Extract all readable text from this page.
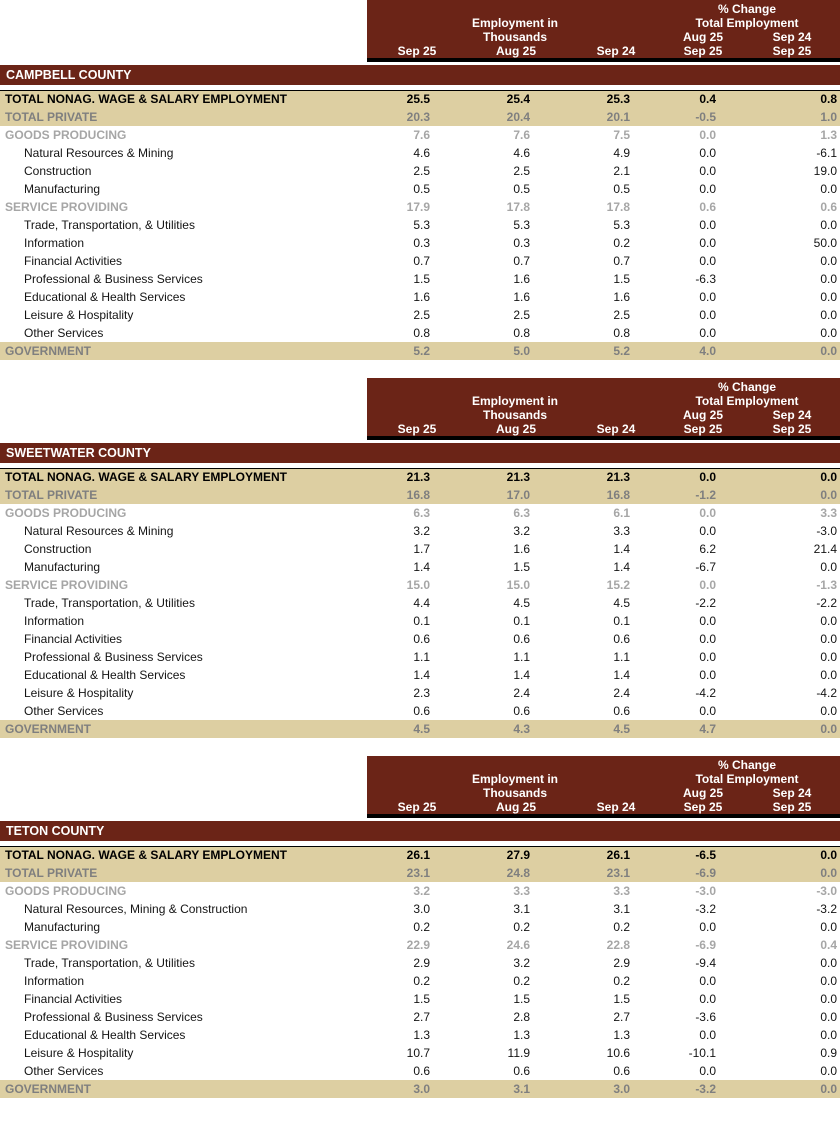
% Change
Employment in	Total Employment
Thousands	Aug 25	Sep 24
Sep 25	Aug 25	Sep 24	Sep 25	Sep 25
CAMPBELL COUNTY
TOTAL NONAG. WAGE & SALARY EMPLOYMENT	25.5	25.4	25.3	0.4	0.8
TOTAL PRIVATE	20.3	20.4	20.1	-0.5	1.0
GOODS PRODUCING	7.6	7.6	7.5	0.0	1.3
Natural Resources & Mining	4.6	4.6	4.9	0.0	-6.1
Construction	2.5	2.5	2.1	0.0	19.0
Manufacturing	0.5	0.5	0.5	0.0	0.0
SERVICE PROVIDING	17.9	17.8	17.8	0.6	0.6
Trade, Transportation, & Utilities	5.3	5.3	5.3	0.0	0.0
Information	0.3	0.3	0.2	0.0	50.0
Financial Activities	0.7	0.7	0.7	0.0	0.0
Professional & Business Services	1.5	1.6	1.5	-6.3	0.0
Educational & Health Services	1.6	1.6	1.6	0.0	0.0
Leisure & Hospitality	2.5	2.5	2.5	0.0	0.0
Other Services	0.8	0.8	0.8	0.0	0.0
GOVERNMENT	5.2	5.0	5.2	4.0	0.0
% Change
Employment in	Total Employment
Thousands	Aug 25	Sep 24
Sep 25	Aug 25	Sep 24	Sep 25	Sep 25
SWEETWATER COUNTY
TOTAL NONAG. WAGE & SALARY EMPLOYMENT	21.3	21.3	21.3	0.0	0.0
TOTAL PRIVATE	16.8	17.0	16.8	-1.2	0.0
GOODS PRODUCING	6.3	6.3	6.1	0.0	3.3
Natural Resources & Mining	3.2	3.2	3.3	0.0	-3.0
Construction	1.7	1.6	1.4	6.2	21.4
Manufacturing	1.4	1.5	1.4	-6.7	0.0
SERVICE PROVIDING	15.0	15.0	15.2	0.0	-1.3
Trade, Transportation, & Utilities	4.4	4.5	4.5	-2.2	-2.2
Information	0.1	0.1	0.1	0.0	0.0
Financial Activities	0.6	0.6	0.6	0.0	0.0
Professional & Business Services	1.1	1.1	1.1	0.0	0.0
Educational & Health Services	1.4	1.4	1.4	0.0	0.0
Leisure & Hospitality	2.3	2.4	2.4	-4.2	-4.2
Other Services	0.6	0.6	0.6	0.0	0.0
GOVERNMENT	4.5	4.3	4.5	4.7	0.0
% Change
Employment in	Total Employment
Thousands	Aug 25	Sep 24
Sep 25	Aug 25	Sep 24	Sep 25	Sep 25
TETON COUNTY
TOTAL NONAG. WAGE & SALARY EMPLOYMENT	26.1	27.9	26.1	-6.5	0.0
TOTAL PRIVATE	23.1	24.8	23.1	-6.9	0.0
GOODS PRODUCING	3.2	3.3	3.3	-3.0	-3.0
Natural Resources, Mining & Construction	3.0	3.1	3.1	-3.2	-3.2
Manufacturing	0.2	0.2	0.2	0.0	0.0
SERVICE PROVIDING	22.9	24.6	22.8	-6.9	0.4
Trade, Transportation, & Utilities	2.9	3.2	2.9	-9.4	0.0
Information	0.2	0.2	0.2	0.0	0.0
Financial Activities	1.5	1.5	1.5	0.0	0.0
Professional & Business Services	2.7	2.8	2.7	-3.6	0.0
Educational & Health Services	1.3	1.3	1.3	0.0	0.0
Leisure & Hospitality	10.7	11.9	10.6	-10.1	0.9
Other Services	0.6	0.6	0.6	0.0	0.0
GOVERNMENT	3.0	3.1	3.0	-3.2	0.0
